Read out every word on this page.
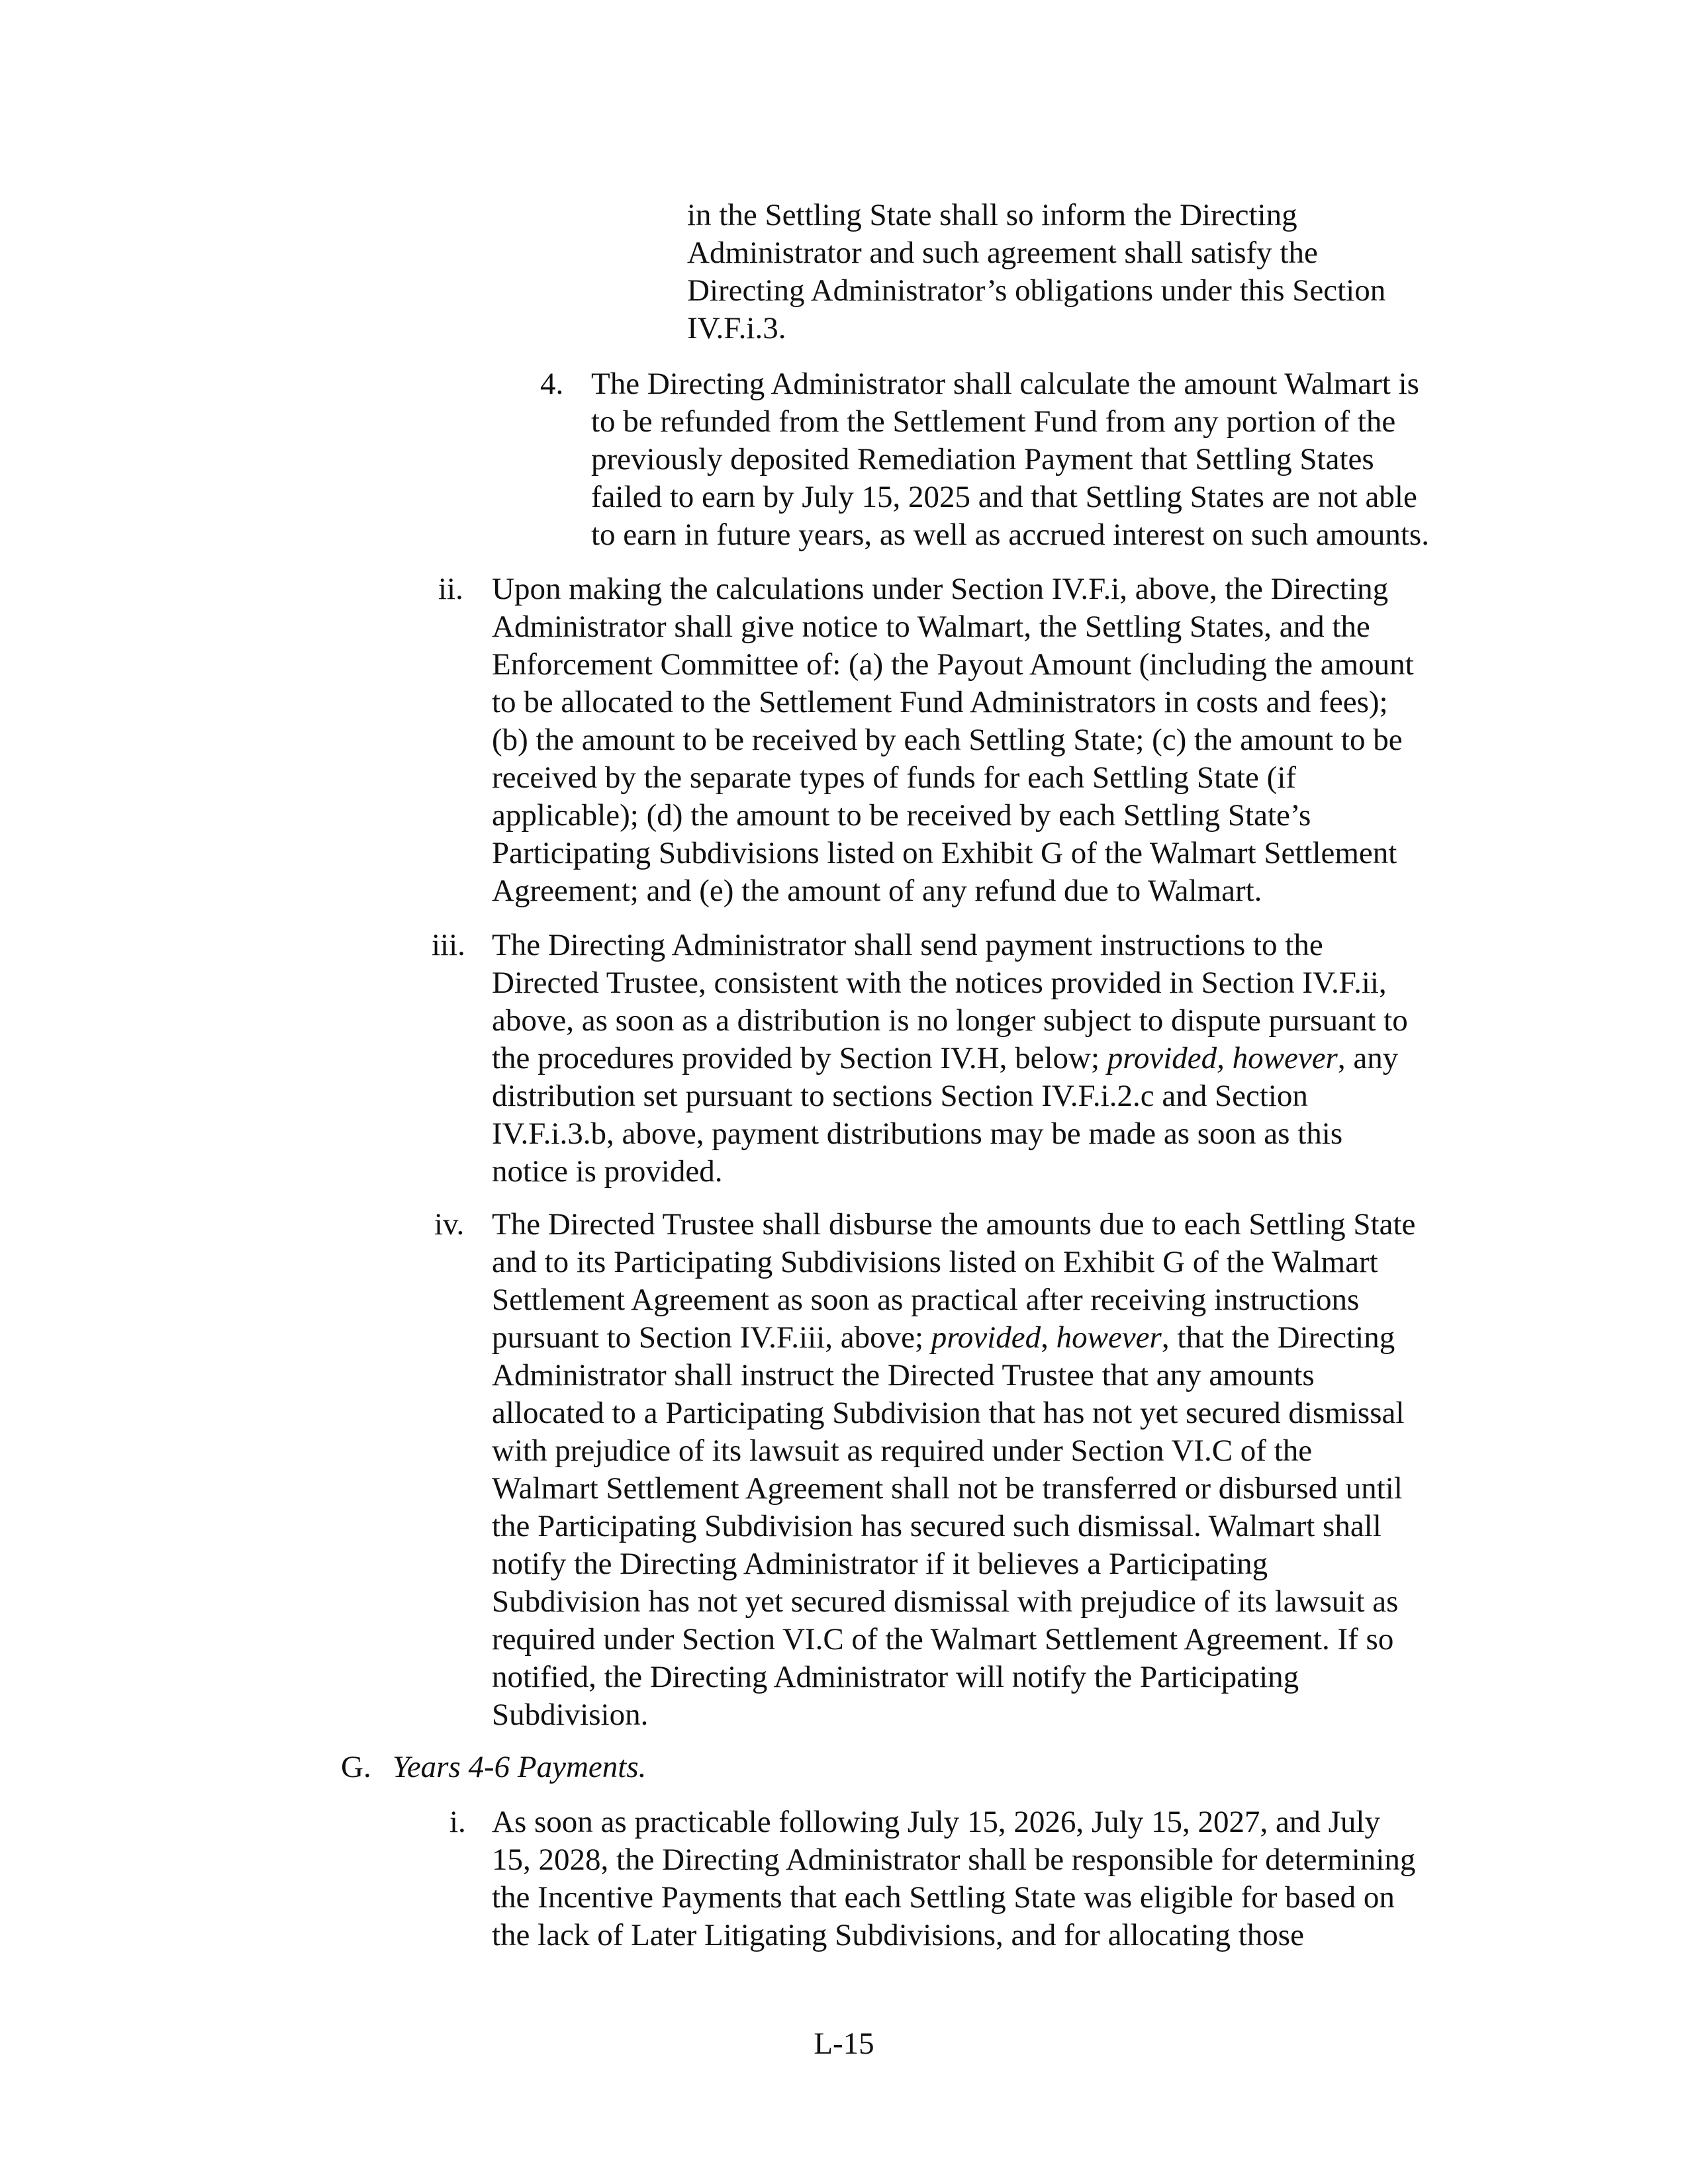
in the Settling State shall so inform the Directing
Administrator and such agreement shall satisfy the
Directing Administrator’s obligations under this Section
IV.F.i.3.
4. The Directing Administrator shall calculate the amount Walmart is
to be refunded from the Settlement Fund from any portion of the
previously deposited Remediation Payment that Settling States
failed to earn by July 15, 2025 and that Settling States are not able
to earn in future years, as well as accrued interest on such amounts.
ii. Upon making the calculations under Section IV.F.i, above, the Directing
Administrator shall give notice to Walmart, the Settling States, and the
Enforcement Committee of: (a) the Payout Amount (including the amount
to be allocated to the Settlement Fund Administrators in costs and fees);
(b) the amount to be received by each Settling State; (c) the amount to be
received by the separate types of funds for each Settling State (if
applicable); (d) the amount to be received by each Settling State’s
Participating Subdivisions listed on Exhibit G of the Walmart Settlement
Agreement; and (e) the amount of any refund due to Walmart.
iii. The Directing Administrator shall send payment instructions to the
Directed Trustee, consistent with the notices provided in Section IV.F.ii,
above, as soon as a distribution is no longer subject to dispute pursuant to
the procedures provided by Section IV.H, below; provided, however, any
distribution set pursuant to sections Section IV.F.i.2.c and Section
IV.F.i.3.b, above, payment distributions may be made as soon as this
notice is provided.
iv. The Directed Trustee shall disburse the amounts due to each Settling State
and to its Participating Subdivisions listed on Exhibit G of the Walmart
Settlement Agreement as soon as practical after receiving instructions
pursuant to Section IV.F.iii, above; provided, however, that the Directing
Administrator shall instruct the Directed Trustee that any amounts
allocated to a Participating Subdivision that has not yet secured dismissal
with prejudice of its lawsuit as required under Section VI.C of the
Walmart Settlement Agreement shall not be transferred or disbursed until
the Participating Subdivision has secured such dismissal. Walmart shall
notify the Directing Administrator if it believes a Participating
Subdivision has not yet secured dismissal with prejudice of its lawsuit as
required under Section VI.C of the Walmart Settlement Agreement. If so
notified, the Directing Administrator will notify the Participating
Subdivision.
G. Years 4-6 Payments.
i. As soon as practicable following July 15, 2026, July 15, 2027, and July
15, 2028, the Directing Administrator shall be responsible for determining
the Incentive Payments that each Settling State was eligible for based on
the lack of Later Litigating Subdivisions, and for allocating those
L-15
